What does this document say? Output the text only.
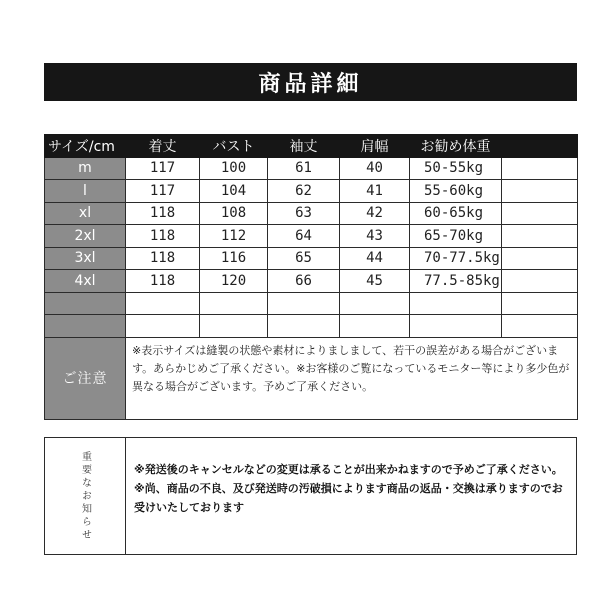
商品詳細
サイズ/cm	着丈	バスト	袖丈	肩幅	お勧め体重	
m	117	100	61	40	50-55kg	
l	117	104	62	41	55-60kg	
xl	118	108	63	42	60-65kg	
2xl	118	112	64	43	65-70kg	
3xl	118	116	65	44	70-77.5kg	
4xl	118	120	66	45	77.5-85kg	

ご注意	※表示サイズは縫製の状態や素材によりましまして、若干の誤差がある場合がございます。あらかじめご了承ください。※お客様のご覧になっているモニター等により多少色が異なる場合がございます。予めご了承ください。					
重要なお知らせ	※発送後のキャンセルなどの変更は承ることが出来かねますので予めご了承ください。

※尚、商品の不良、及び発送時の汚破損によります商品の返品・交換は承りますのでお受けいたしております
